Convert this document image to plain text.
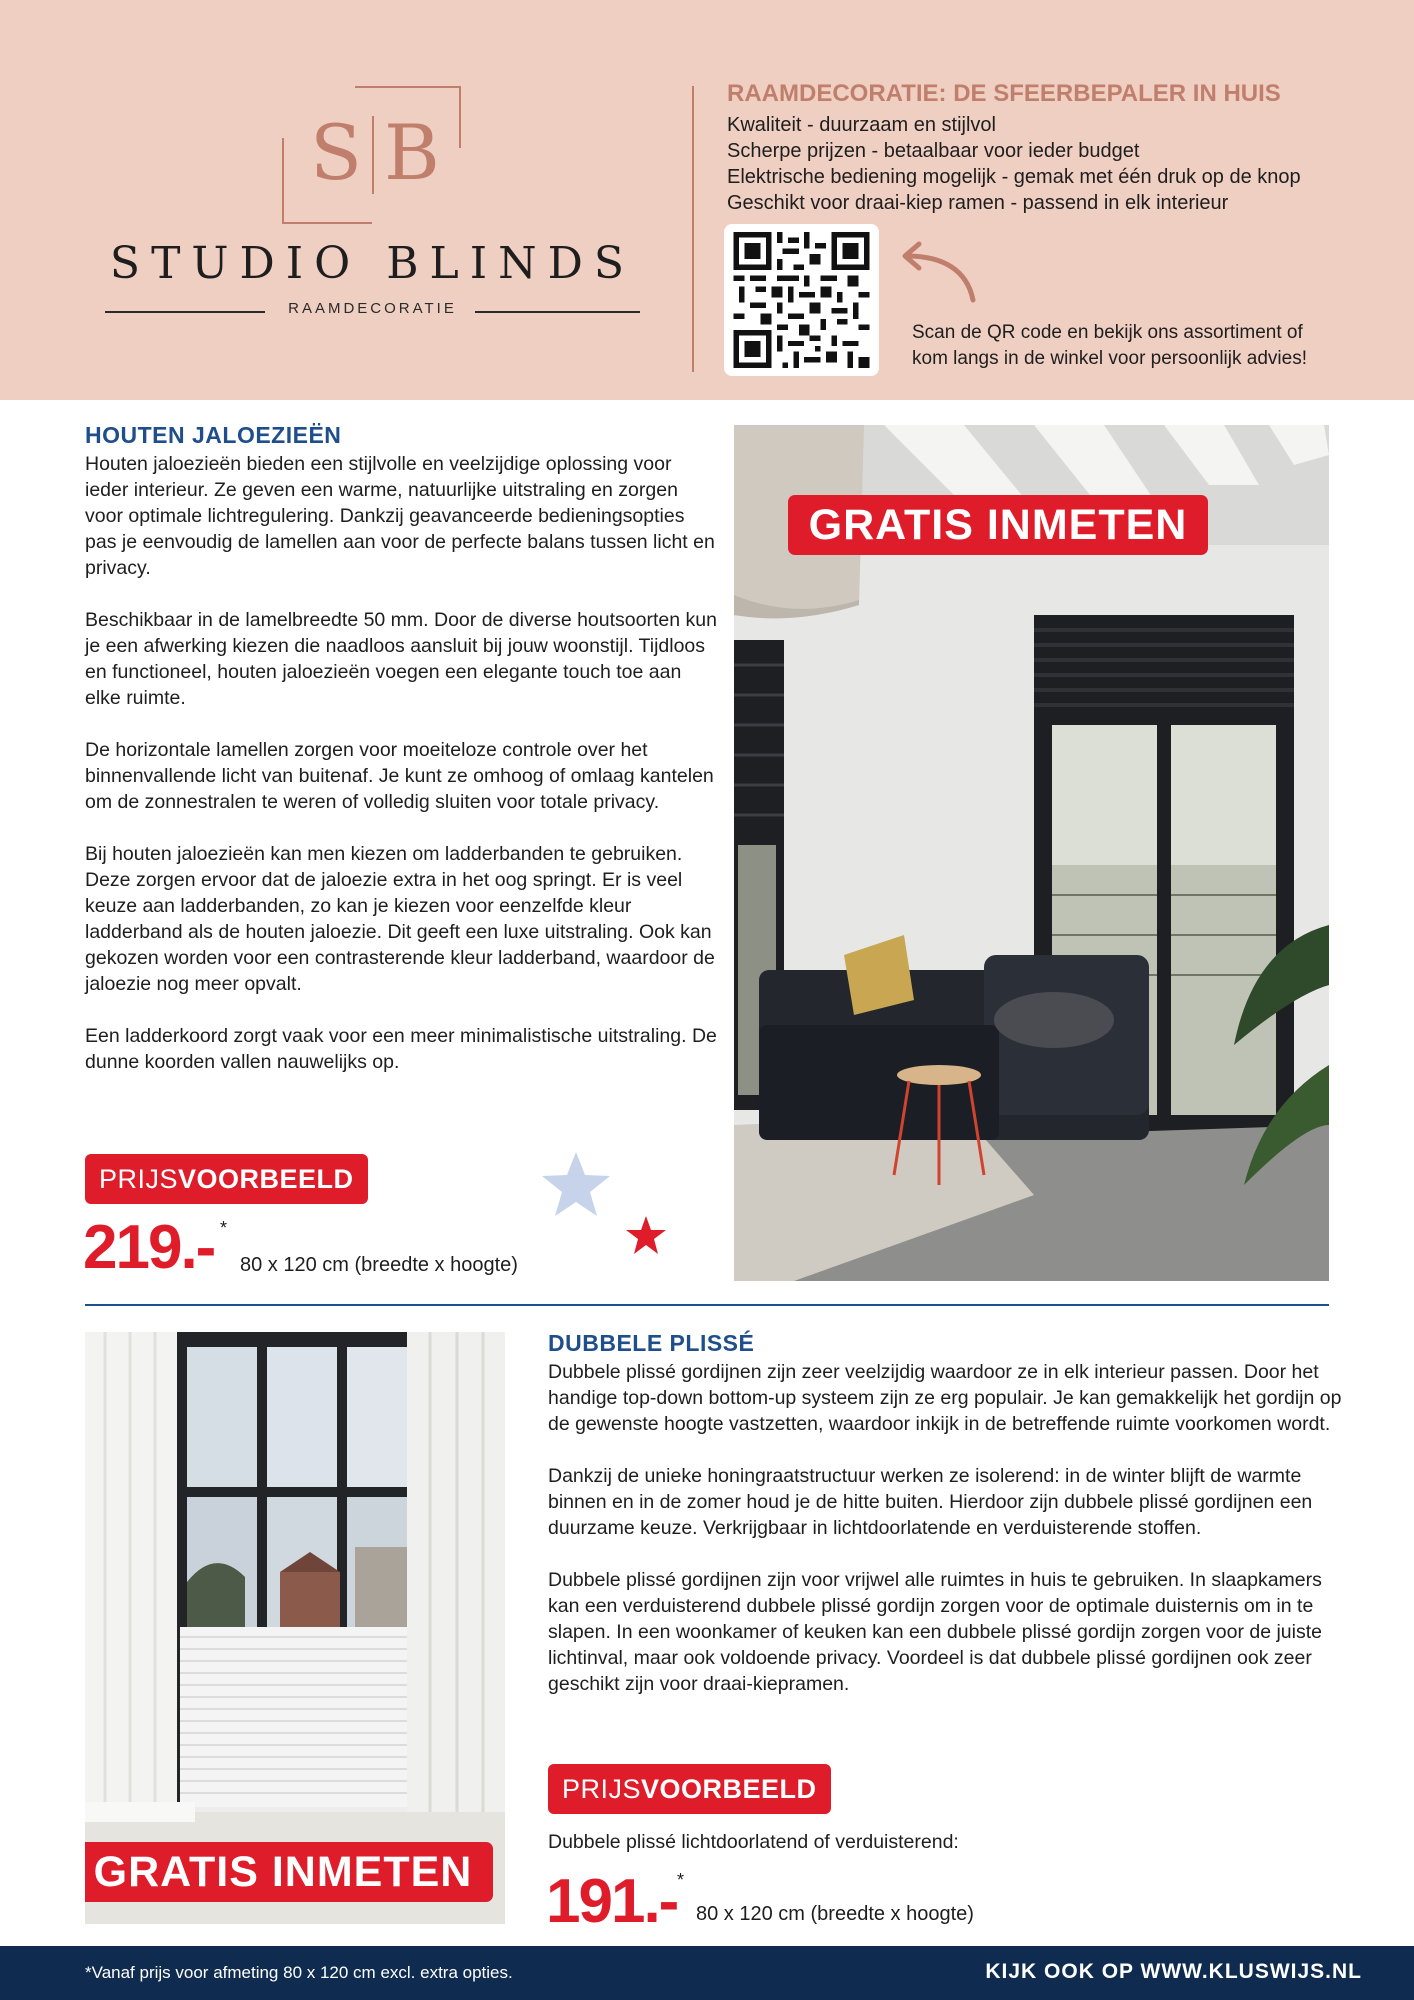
S B
STUDIO BLINDS
RAAMDECORATIE
RAAMDECORATIE: DE SFEERBEPALER IN HUIS
Kwaliteit - duurzaam en stijlvol
Scherpe prijzen - betaalbaar voor ieder budget
Elektrische bediening mogelijk - gemak met één druk op de knop
Geschikt voor draai-kiep ramen - passend in elk interieur
Scan de QR code en bekijk ons assortiment of
kom langs in de winkel voor persoonlijk advies!
HOUTEN JALOEZIEËN

Houten jaloezieën bieden een stijlvolle en veelzijdige oplossing voor ieder interieur. Ze geven een warme, natuurlijke uitstraling en zorgen voor optimale lichtregulering. Dankzij geavanceerde bedieningsopties pas je eenvoudig de lamellen aan voor de perfecte balans tussen licht en privacy.

Beschikbaar in de lamelbreedte 50 mm. Door de diverse houtsoorten kun je een afwerking kiezen die naadloos aansluit bij jouw woonstijl. Tijdloos en functioneel, houten jaloezieën voegen een elegante touch toe aan elke ruimte.

De horizontale lamellen zorgen voor moeiteloze controle over het binnenvallende licht van buitenaf. Je kunt ze omhoog of omlaag kantelen om de zonnestralen te weren of volledig sluiten voor totale privacy.

Bij houten jaloezieën kan men kiezen om ladderbanden te gebruiken. Deze zorgen ervoor dat de jaloezie extra in het oog springt. Er is veel keuze aan ladderbanden, zo kan je kiezen voor eenzelfde kleur ladderband als de houten jaloezie. Dit geeft een luxe uitstraling. Ook kan gekozen worden voor een contrasterende kleur ladderband, waardoor de jaloezie nog meer opvalt.

Een ladderkoord zorgt vaak voor een meer minimalistische uitstraling. De dunne koorden vallen nauwelijks op.

PRIJSVOORBEELD
219.- *
80 x 120 cm (breedte x hoogte)
GRATIS INMETEN
GRATIS INMETEN
DUBBELE PLISSÉ

Dubbele plissé gordijnen zijn zeer veelzijdig waardoor ze in elk interieur passen. Door het handige top-down bottom-up systeem zijn ze erg populair. Je kan gemakkelijk het gordijn op de gewenste hoogte vastzetten, waardoor inkijk in de betreffende ruimte voorkomen wordt.

Dankzij de unieke honingraatstructuur werken ze isolerend: in de winter blijft de warmte binnen en in de zomer houd je de hitte buiten. Hierdoor zijn dubbele plissé gordijnen een duurzame keuze. Verkrijgbaar in lichtdoorlatende en verduisterende stoffen.

Dubbele plissé gordijnen zijn voor vrijwel alle ruimtes in huis te gebruiken. In slaapkamers kan een verduisterend dubbele plissé gordijn zorgen voor de optimale duisternis om in te slapen. In een woonkamer of keuken kan een dubbele plissé gordijn zorgen voor de juiste lichtinval, maar ook voldoende privacy. Voordeel is dat dubbele plissé gordijnen ook zeer geschikt zijn voor draai-kiepramen.

PRIJSVOORBEELD
Dubbele plissé lichtdoorlatend of verduisterend:
191.- *
80 x 120 cm (breedte x hoogte)
*Vanaf prijs voor afmeting 80 x 120 cm excl. extra opties.	KIJK OOK OP WWW.KLUSWIJS.NL
